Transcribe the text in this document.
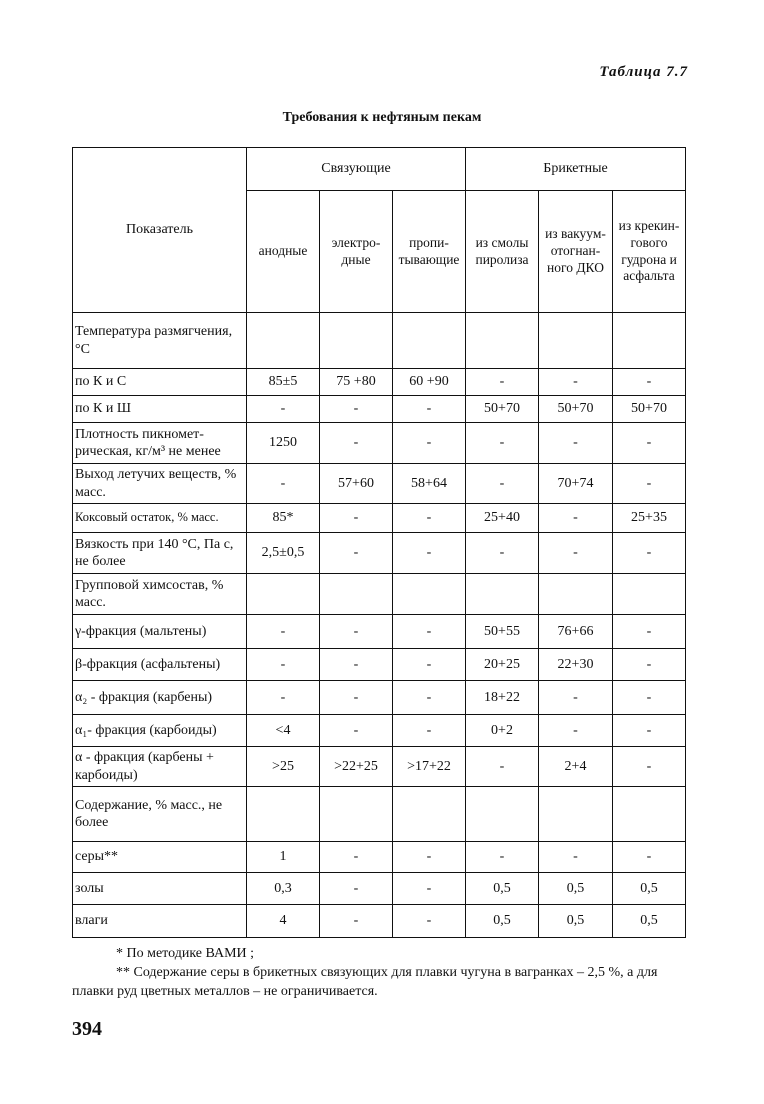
Таблица 7.7
Требования к нефтяным пекам
Показатель	Связующие			Брикетные		
	анодные	электро-дные	пропи-тывающие	из смолы пиролиза	из вакуум-отогнан-ного ДКО	из крекин-гового гудрона и асфальта
Температура размягчения, °С						
по К и С	85±5	75 +80	60 +90	-	-	-
по К и Ш	-	-	-	50+70	50+70	50+70
Плотность пикномет-рическая, кг/м³ не менее	1250	-	-	-	-	-
Выход летучих веществ, % масс.	-	57+60	58+64	-	70+74	-
Коксовый остаток, % масс.	85*	-	-	25+40	-	25+35
Вязкость при 140 °С, Па с, не более	2,5±0,5	-	-	-	-	-
Групповой химсостав, % масс.						
γ-фракция (мальтены)	-	-	-	50+55	76+66	-
β-фракция (асфальтены)	-	-	-	20+25	22+30	-
α₂ - фракция (карбены)	-	-	-	18+22	-	-
α₁- фракция (карбоиды)	<4	-	-	0+2	-	-
α - фракция (карбены + карбоиды)	>25	>22+25	>17+22	-	2+4	-
Содержание, % масс., не более						
серы**	1	-	-	-	-	-
золы	0,3	-	-	0,5	0,5	0,5
влаги	4	-	-	0,5	0,5	0,5

* По методике ВАМИ ;

** Содержание серы в брикетных связующих для плавки чугуна в вагранках – 2,5 %, а для плавки руд цветных металлов – не ограничивается.

394
